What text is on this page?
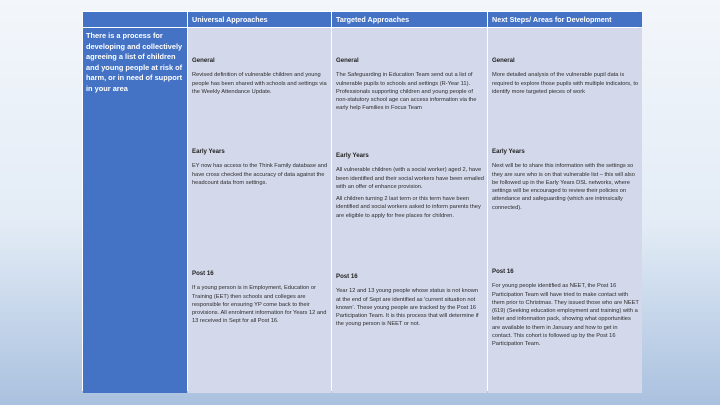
Universal Approaches	Targeted Approaches	Next Steps/ Areas for Development
There is a process for developing and collectively agreeing a list of children and young people at risk of harm, or in need of support in your area
General

Revised definition of vulnerable children and young people has been shared with schools and settings via the Weekly Attendance Update.

Early Years

EY now has access to the Think Family database and have cross checked the accuracy of data against the headcount data from settings.

Post 16

If a young person is in Employment, Education or Training (EET) then schools and colleges are responsible for ensuring YP come back to their provisions. All enrolment information for Years 12 and 13 received in Sept for all Post 16.

General

The Safeguarding in Education Team send out a list of vulnerable pupils to schools and settings (R-Year 11). Professionals supporting children and young people of non-statutory school age can access information via the early help Families in Focus Team

Early Years

All vulnerable children (with a social worker) aged 2, have been identified and their social workers have been emailed with an offer of enhance provision.

All children turning 2 last term or this term have been identified and social workers asked to inform parents they are eligible to apply for free places for children.

Post 16

Year 12 and 13 young people whose status is not known at the end of Sept are identified as 'current situation not known'. These young people are tracked by the Post 16 Participation Team. It is this process that will determine if the young person is NEET or not.

General

More detailed analysis of the vulnerable pupil data is required to explore those pupils with multiple indicators, to identify more targeted pieces of work

Early Years

Next will be to share this information with the settings so they are sure who is on that vulnerable list – this will also be followed up in the Early Years DSL networks, where settings will be encouraged to review their policies on attendance and safeguarding (which are intrinsically connected).

Post 16

For young people identified as NEET, the Post 16 Participation Team will have tried to make contact with them prior to Christmas. They issued those who are NEET (619) (Seeking education employment and training) with a letter and information pack, showing what opportunities are available to them in January and how to get in contact. This cohort is followed up by the Post 16 Participation Team.
